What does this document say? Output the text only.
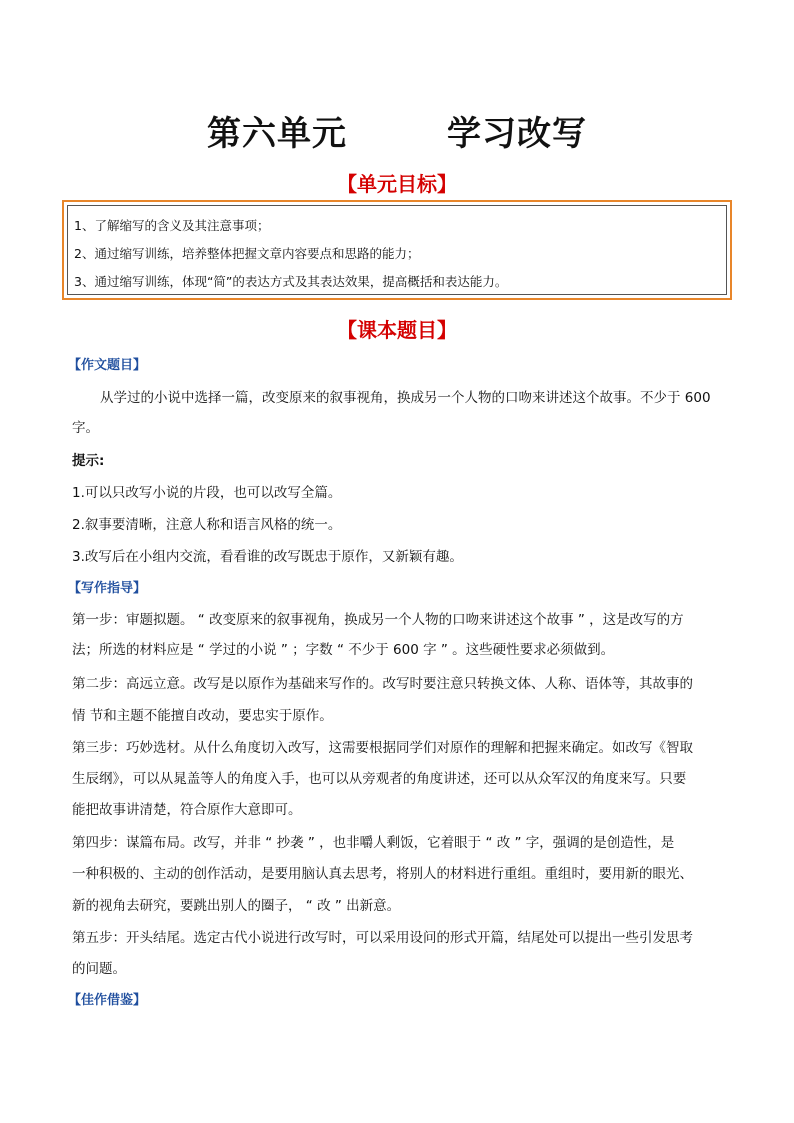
第六单元	学习改写
【单元目标】
1、了解缩写的含义及其注意事项；
2、通过缩写训练，培养整体把握文章内容要点和思路的能力；
3、通过缩写训练，体现“简”的表达方式及其表达效果，提高概括和表达能力。
【课本题目】
【作文题目】
从学过的小说中选择一篇，改变原来的叙事视角，换成另一个人物的口吻来讲述这个故事。不少于 600
字。
提示:
1.可以只改写小说的片段，也可以改写全篇。
2.叙事要清晰，注意人称和语言风格的统一。
3.改写后在小组内交流，看看谁的改写既忠于原作，又新颖有趣。
【写作指导】
第一步：审题拟题。 “ 改变原来的叙事视角，换成另一个人物的口吻来讲述这个故事 ” ，这是改写的方
法；所选的材料应是 “ 学过的小说 ” ；字数 “ 不少于 600 字 ” 。这些硬性要求必须做到。
第二步：高远立意。改写是以原作为基础来写作的。改写时要注意只转换文体、人称、语体等，其故事的
情 节和主题不能擅自改动，要忠实于原作。
第三步：巧妙选材。从什么角度切入改写，这需要根据同学们对原作的理解和把握来确定。如改写《智取
生辰纲》，可以从晁盖等人的角度入手，也可以从旁观者的角度讲述，还可以从众军汉的角度来写。只要
能把故事讲清楚，符合原作大意即可。
第四步：谋篇布局。改写，并非 “ 抄袭 ” ，也非嚼人剩饭，它着眼于 “ 改 ” 字，强调的是创造性，是
一种积极的、主动的创作活动，是要用脑认真去思考，将别人的材料进行重组。重组时，要用新的眼光、
新的视角去研究，要跳出别人的圈子， “ 改 ” 出新意。
第五步：开头结尾。选定古代小说进行改写时，可以采用设问的形式开篇，结尾处可以提出一些引发思考
的问题。
【佳作借鉴】
